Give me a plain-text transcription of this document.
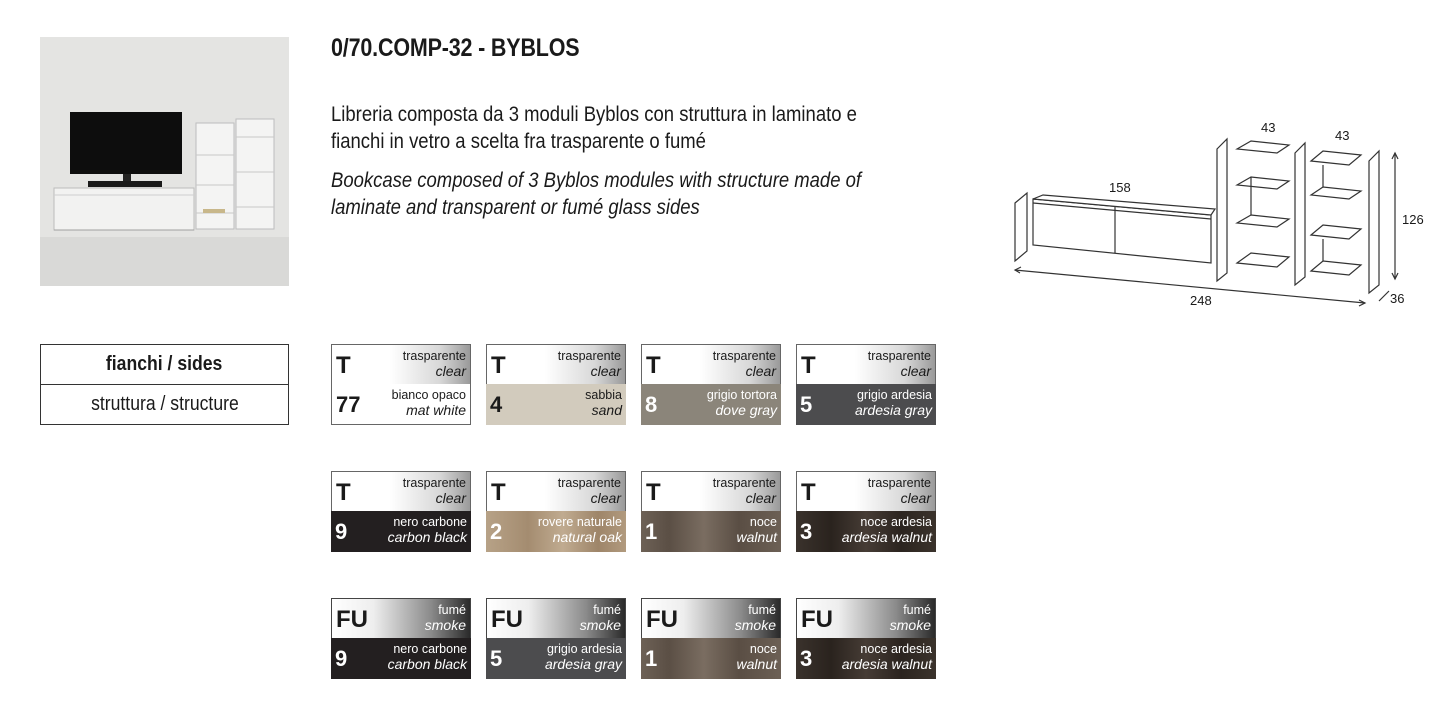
0/70.COMP-32 - BYBLOS
Libreria composta da 3 moduli Byblos con struttura in laminato e fianchi in vetro a scelta fra trasparente o fumé
Bookcase composed of 3 Byblos modules with structure made of laminate and transparent or fumé glass sides
158
43
43
126
248	36
fianchi / sides
struttura / structure
T	trasparente
clear
77 bianco opaco
mat white
T	trasparente
clear
4	sabbia
sand
T	trasparente
clear
8	grigio tortora
dove gray
T	trasparente
clear
5	grigio ardesia
ardesia gray
T	trasparente
clear
9	nero carbone
carbon black
T	trasparente
clear
2	rovere naturale
natural oak
T	trasparente
clear
1	noce
walnut
T	trasparente
clear
3	noce ardesia
ardesia walnut
FU	fumé
smoke
9	nero carbone
carbon black
FU	fumé
smoke
5	grigio ardesia
ardesia gray
FU	fumé
smoke
1	noce
walnut
FU	fumé
smoke
3	noce ardesia
ardesia walnut
